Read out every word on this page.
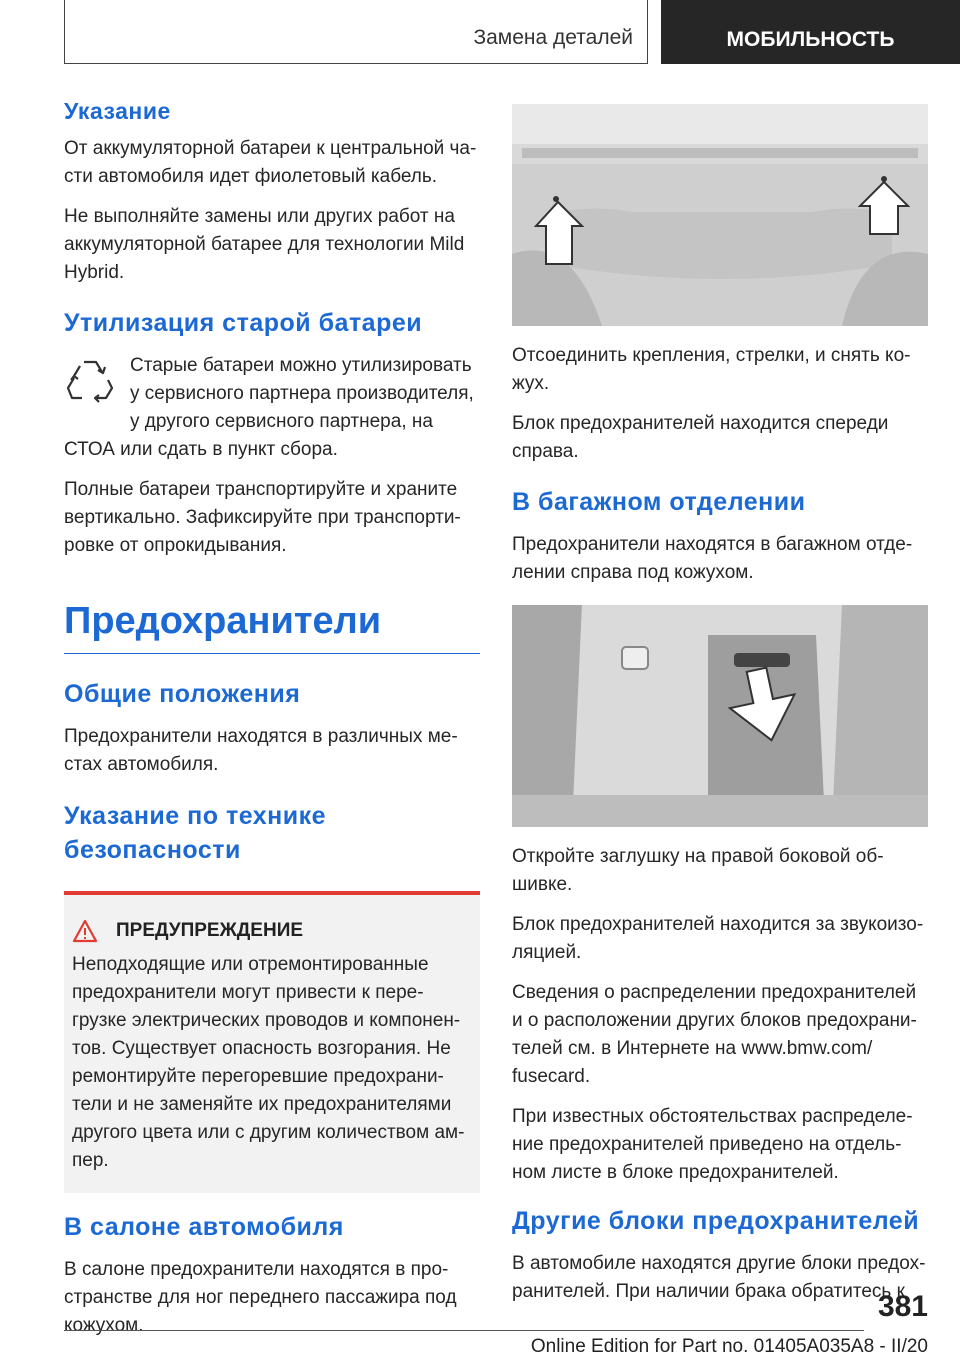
Замена деталей	МОБИЛЬНОСТЬ
Указание

От аккумуляторной батареи к центральной ча-сти автомобиля идет фиолетовый кабель.

Не выполняйте замены или других работ на аккумуляторной батарее для технологии Mild Hybrid.

Утилизация старой батареи

Старые батареи можно утилизировать у сервисного партнера производителя, у другого сервисного партнера, на СТОА или сдать в пункт сбора.

Полные батареи транспортируйте и храните вертикально. Зафиксируйте при транспорти-ровке от опрокидывания.

Предохранители
Общие положения

Предохранители находятся в различных ме-стах автомобиля.

Указание по технике безопасности
ПРЕДУПРЕЖДЕНИЕ

Неподходящие или отремонтированные предохранители могут привести к пере-грузке электрических проводов и компонен-тов. Существует опасность возгорания. Не ремонтируйте перегоревшие предохрани-тели и не заменяйте их предохранителями другого цвета или с другим количеством ам-пер.

В салоне автомобиля

В салоне предохранители находятся в про-странстве для ног переднего пассажира под кожухом.

Отсоединить крепления, стрелки, и снять ко-жух.

Блок предохранителей находится спереди справа.

В багажном отделении

Предохранители находятся в багажном отде-лении справа под кожухом.

Откройте заглушку на правой боковой об-шивке.

Блок предохранителей находится за звукоизо-ляцией.

Сведения о распределении предохранителей и о расположении других блоков предохрани-телей см. в Интернете на www.bmw.com/ fusecard.

При известных обстоятельствах распределе-ние предохранителей приведено на отдель-ном листе в блоке предохранителей.

Другие блоки предохранителей

В автомобиле находятся другие блоки предох-ранителей. При наличии брака обратитесь к

381
Online Edition for Part no. 01405A035A8 - II/20
